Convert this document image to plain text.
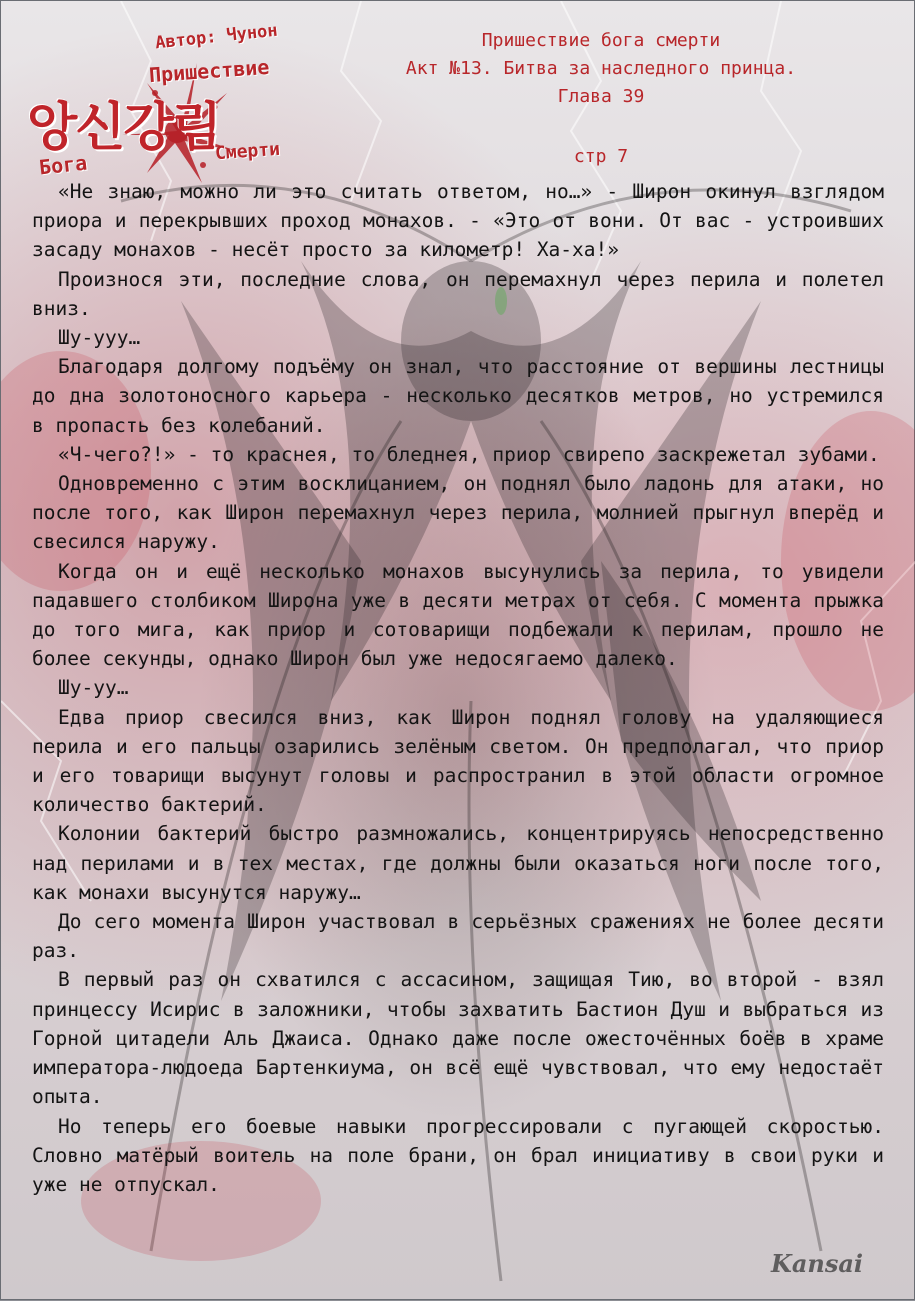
Автор: Чунон
Пришествие
앙신강림
Бога	Смерти
Пришествие бога смерти
Акт №13. Битва за наследного принца.
Глава 39
стр 7

«Не знаю, можно ли это считать ответом, но…» - Широн окинул взглядом приора и перекрывших проход монахов. - «Это от вони. От вас - устроивших засаду монахов - несёт просто за километр! Ха-ха!»

Произнося эти, последние слова, он перемахнул через перила и полетел вниз.

Шу-ууу…

Благодаря долгому подъёму он знал, что расстояние от вершины лестницы до дна золотоносного карьера - несколько десятков метров, но устремился в пропасть без колебаний.

«Ч-чего?!» - то краснея, то бледнея, приор свирепо заскрежетал зубами.

Одновременно с этим восклицанием, он поднял было ладонь для атаки, но после того, как Широн перемахнул через перила, молнией прыгнул вперёд и свесился наружу.

Когда он и ещё несколько монахов высунулись за перила, то увидели падавшего столбиком Широна уже в десяти метрах от себя. С момента прыжка до того мига, как приор и сотоварищи подбежали к перилам, прошло не более секунды, однако Широн был уже недосягаемо далеко.

Шу-уу…

Едва приор свесился вниз, как Широн поднял голову на удаляющиеся перила и его пальцы озарились зелёным светом. Он предполагал, что приор и его товарищи высунут головы и распространил в этой области огромное количество бактерий.

Колонии бактерий быстро размножались, концентрируясь непосредственно над перилами и в тех местах, где должны были оказаться ноги после того, как монахи высунутся наружу…

До сего момента Широн участвовал в серьёзных сражениях не более десяти раз.

В первый раз он схватился с ассасином, защищая Тию, во второй - взял принцессу Исирис в заложники, чтобы захватить Бастион Душ и выбраться из Горной цитадели Аль Джаиса. Однако даже после ожесточённых боёв в храме императора-людоеда Бартенкиума, он всё ещё чувствовал, что ему недостаёт опыта.

Но теперь его боевые навыки прогрессировали с пугающей скоростью. Словно матёрый воитель на поле брани, он брал инициативу в свои руки и уже не отпускал.

Kansai
